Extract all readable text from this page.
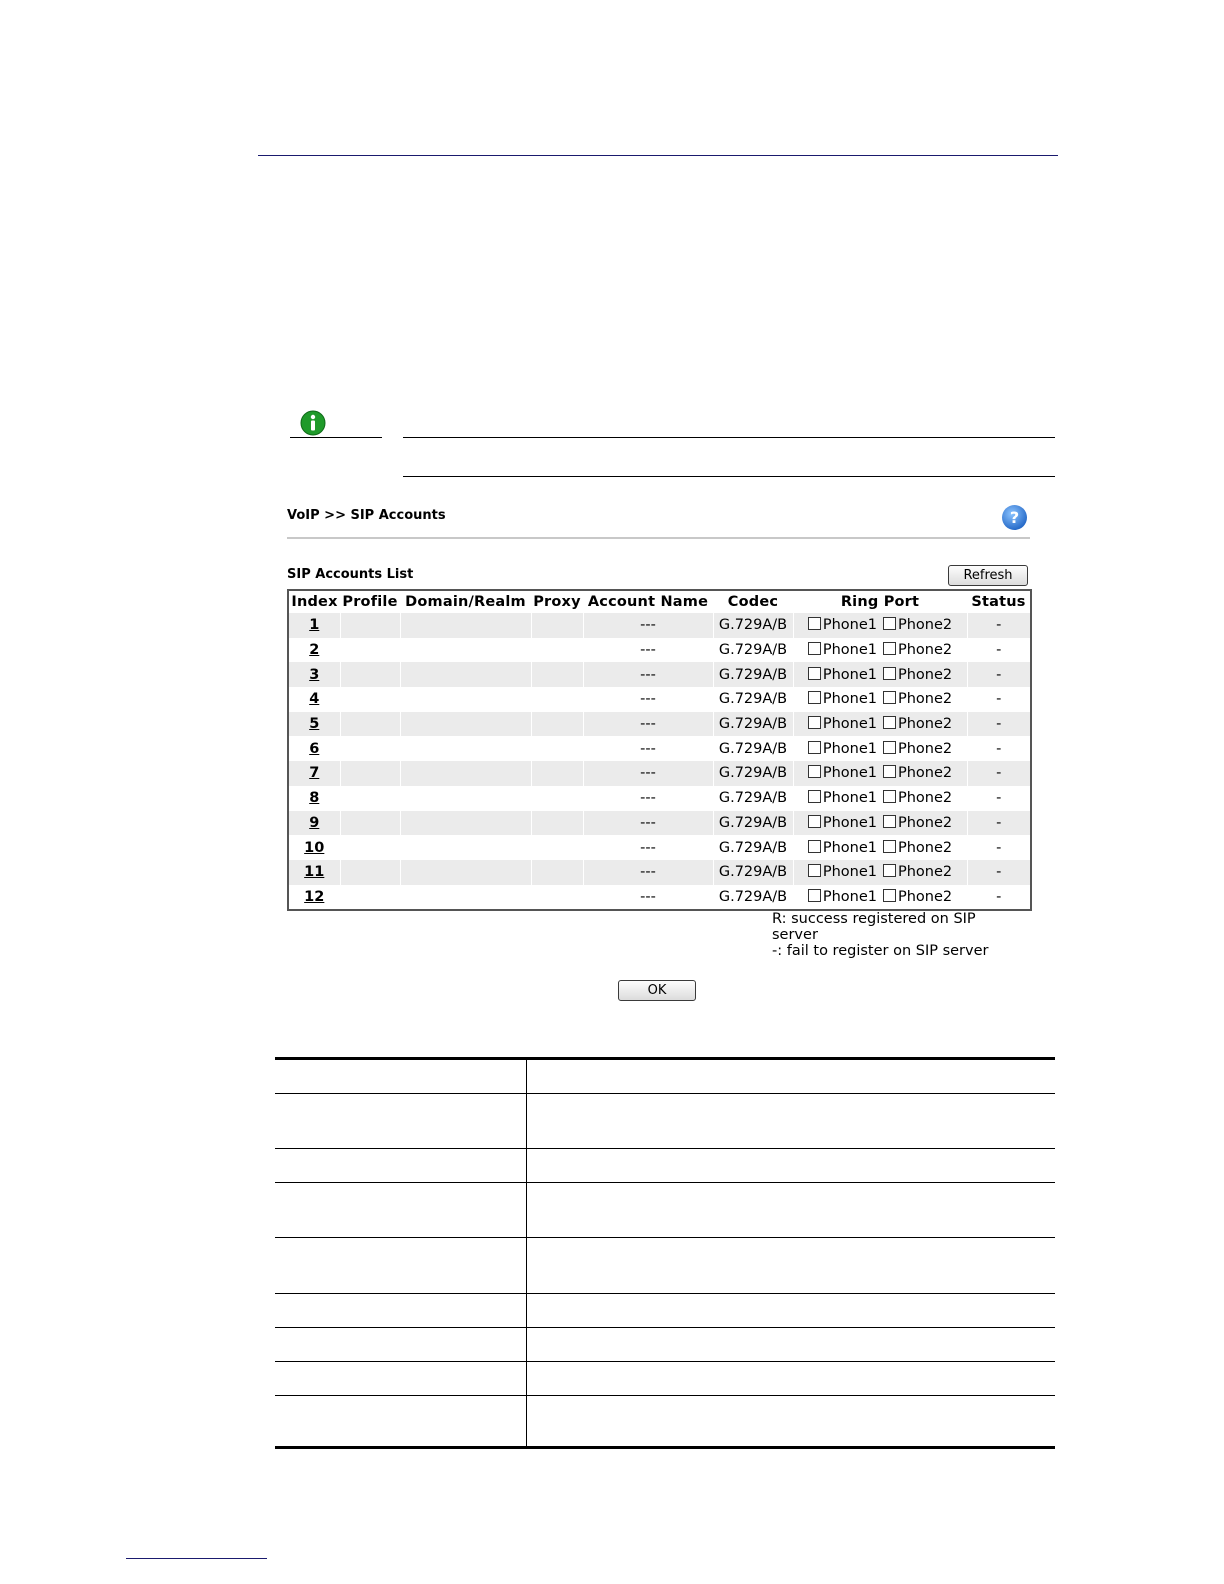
VoIP >> SIP Accounts	?
SIP Accounts List	Refresh
Index	Profile	Domain/Realm	Proxy	Account Name	Codec	Ring Port	Status
1				---	G.729A/B	Phone1 Phone2	-
2				---	G.729A/B	Phone1 Phone2	-
3				---	G.729A/B	Phone1 Phone2	-
4				---	G.729A/B	Phone1 Phone2	-
5				---	G.729A/B	Phone1 Phone2	-
6				---	G.729A/B	Phone1 Phone2	-
7				---	G.729A/B	Phone1 Phone2	-
8				---	G.729A/B	Phone1 Phone2	-
9				---	G.729A/B	Phone1 Phone2	-
10				---	G.729A/B	Phone1 Phone2	-
11				---	G.729A/B	Phone1 Phone2	-
12				---	G.729A/B	Phone1 Phone2	-
R: success registered on SIP server
-: fail to register on SIP server
OK
